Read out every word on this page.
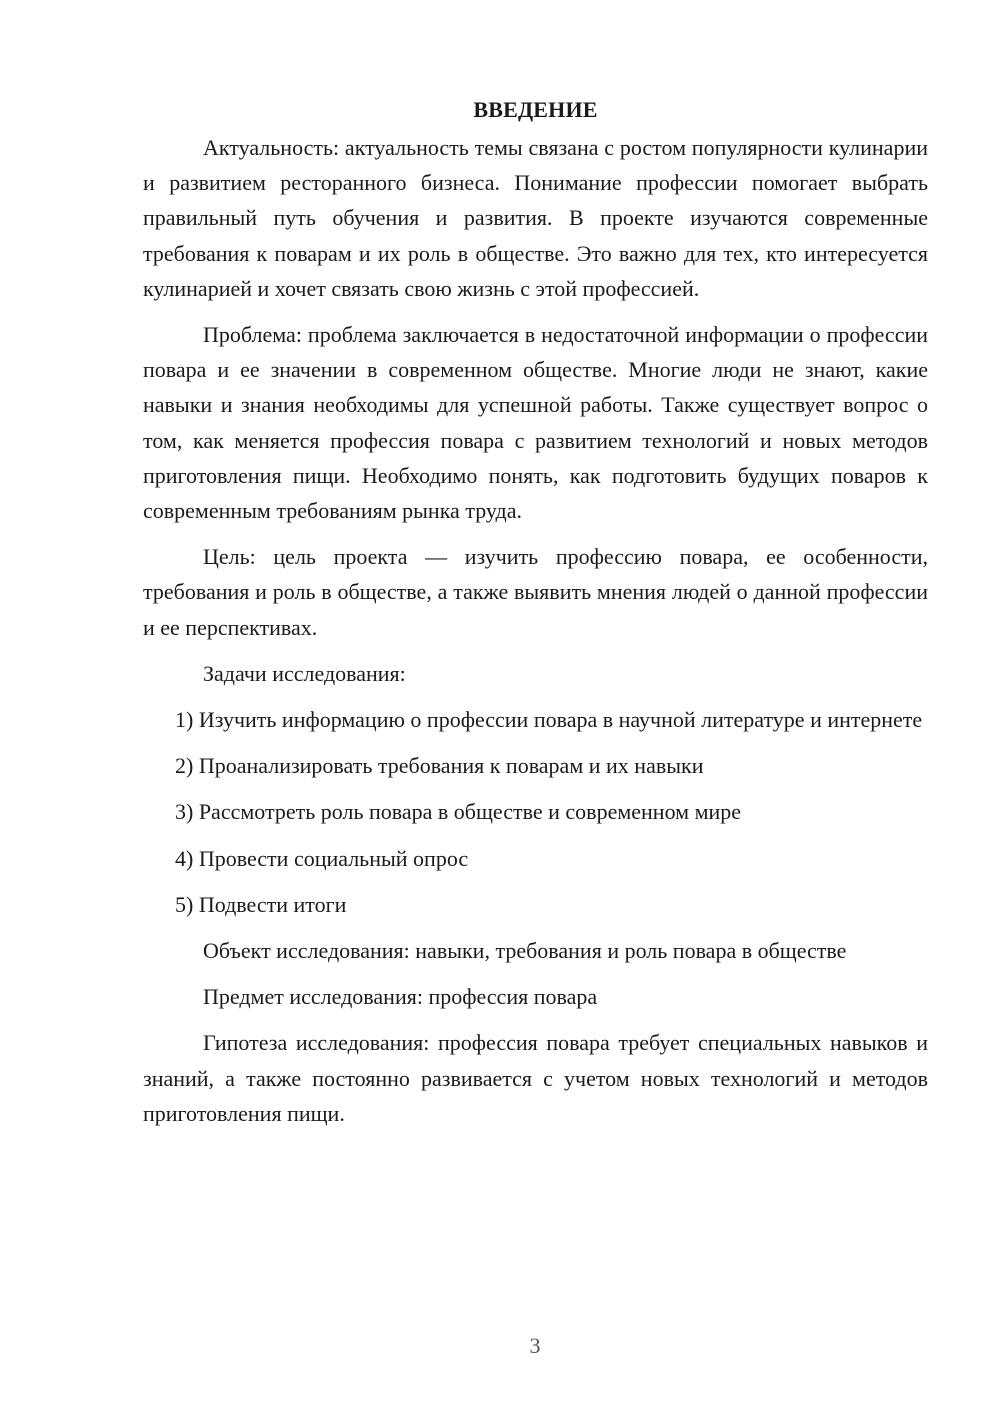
ВВЕДЕНИЕ

Актуальность: актуальность темы связана с ростом популярности кулинарии и развитием ресторанного бизнеса. Понимание профессии помогает выбрать правильный путь обучения и развития. В проекте изучаются современные требования к поварам и их роль в обществе. Это важно для тех, кто интересуется кулинарией и хочет связать свою жизнь с этой профессией.

Проблема: проблема заключается в недостаточной информации о профессии повара и ее значении в современном обществе. Многие люди не знают, какие навыки и знания необходимы для успешной работы. Также существует вопрос о том, как меняется профессия повара с развитием технологий и новых методов приготовления пищи. Необходимо понять, как подготовить будущих поваров к современным требованиям рынка труда.

Цель: цель проекта — изучить профессию повара, ее особенности, требования и роль в обществе, а также выявить мнения людей о данной профессии и ее перспективах.

Задачи исследования:

1) Изучить информацию о профессии повара в научной литературе и интернете

2) Проанализировать требования к поварам и их навыки

3) Рассмотреть роль повара в обществе и современном мире

4) Провести социальный опрос

5) Подвести итоги

Объект исследования: навыки, требования и роль повара в обществе

Предмет исследования: профессия повара

Гипотеза исследования: профессия повара требует специальных навыков и знаний, а также постоянно развивается с учетом новых технологий и методов приготовления пищи.

3
